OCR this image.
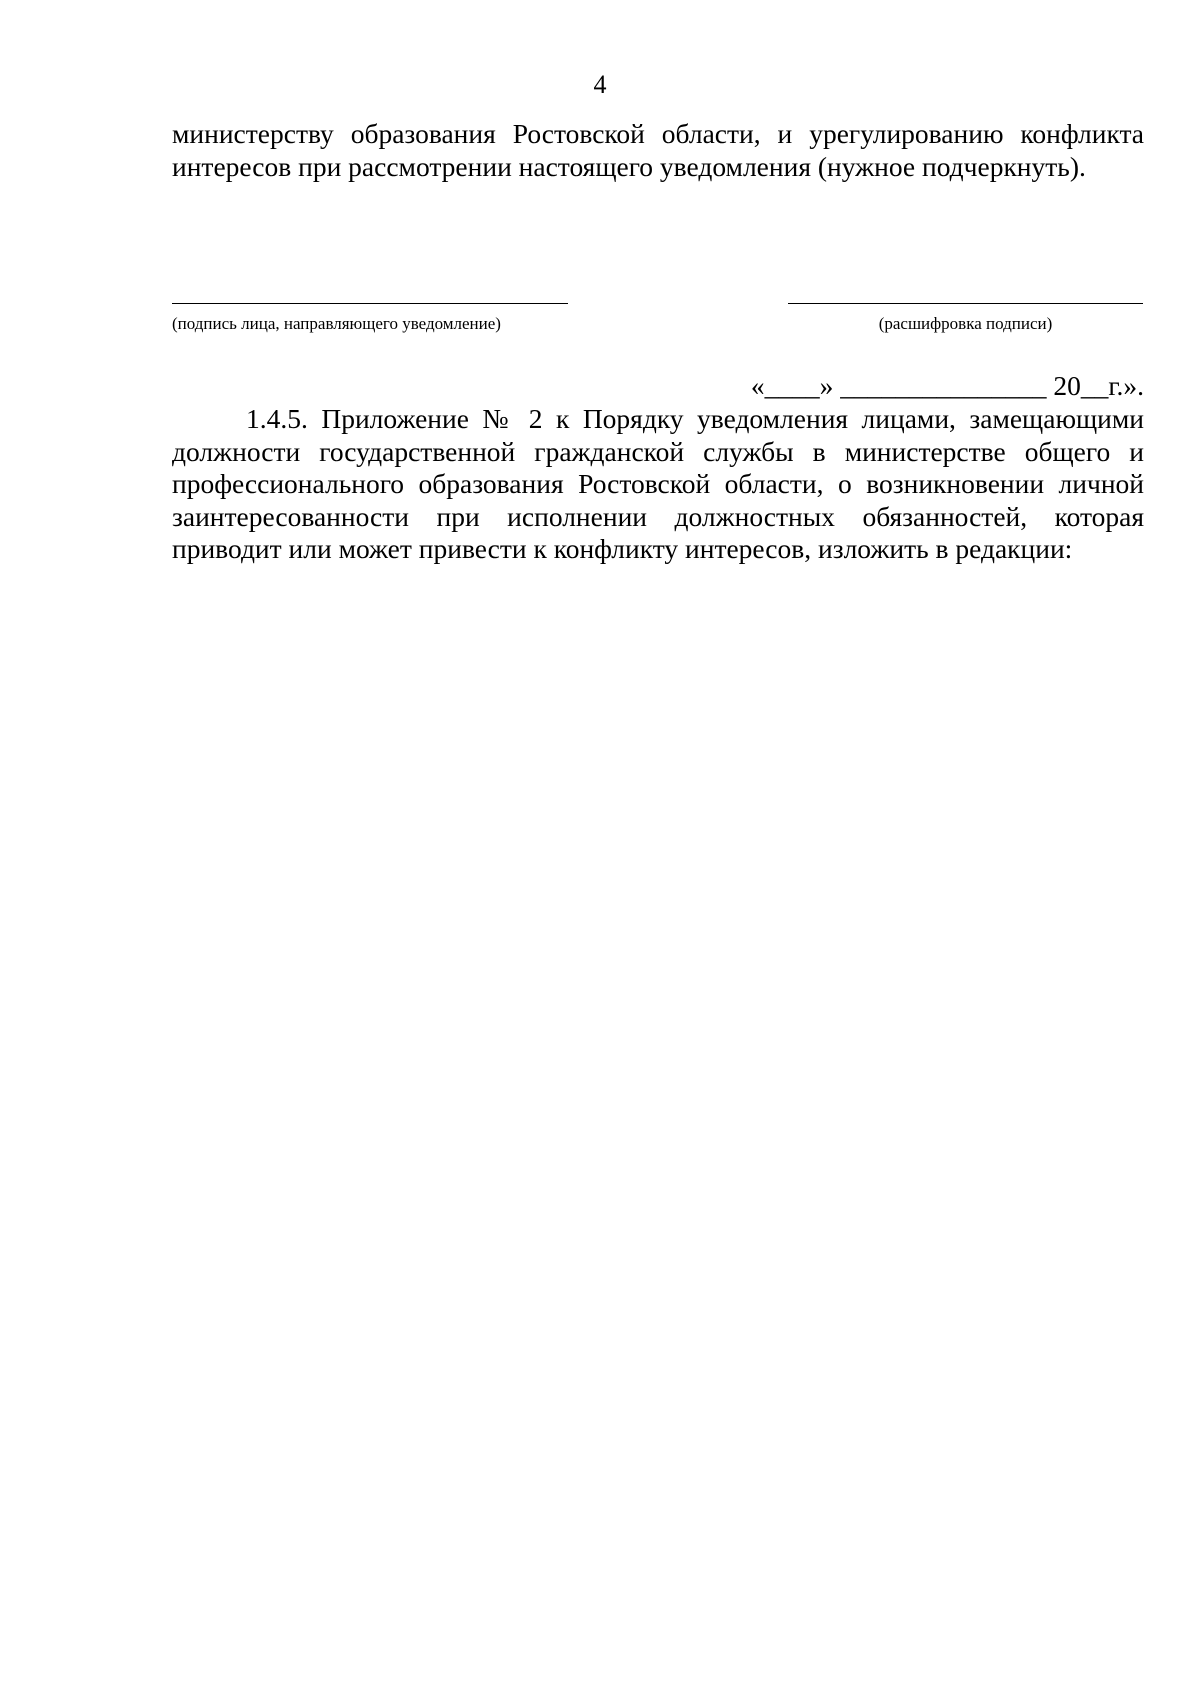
4
министерству образования Ростовской области, и урегулированию конфликта интересов при рассмотрении настоящего уведомления (нужное подчеркнуть).
(подпись лица, направляющего уведомление)	(расшифровка подписи)
«____» _______________ 20__г.».
1.4.5. Приложение № 2 к Порядку уведомления лицами, замещающими должности государственной гражданской службы в министерстве общего и профессионального образования Ростовской области, о возникновении личной заинтересованности при исполнении должностных обязанностей, которая приводит или может привести к конфликту интересов, изложить в редакции:
